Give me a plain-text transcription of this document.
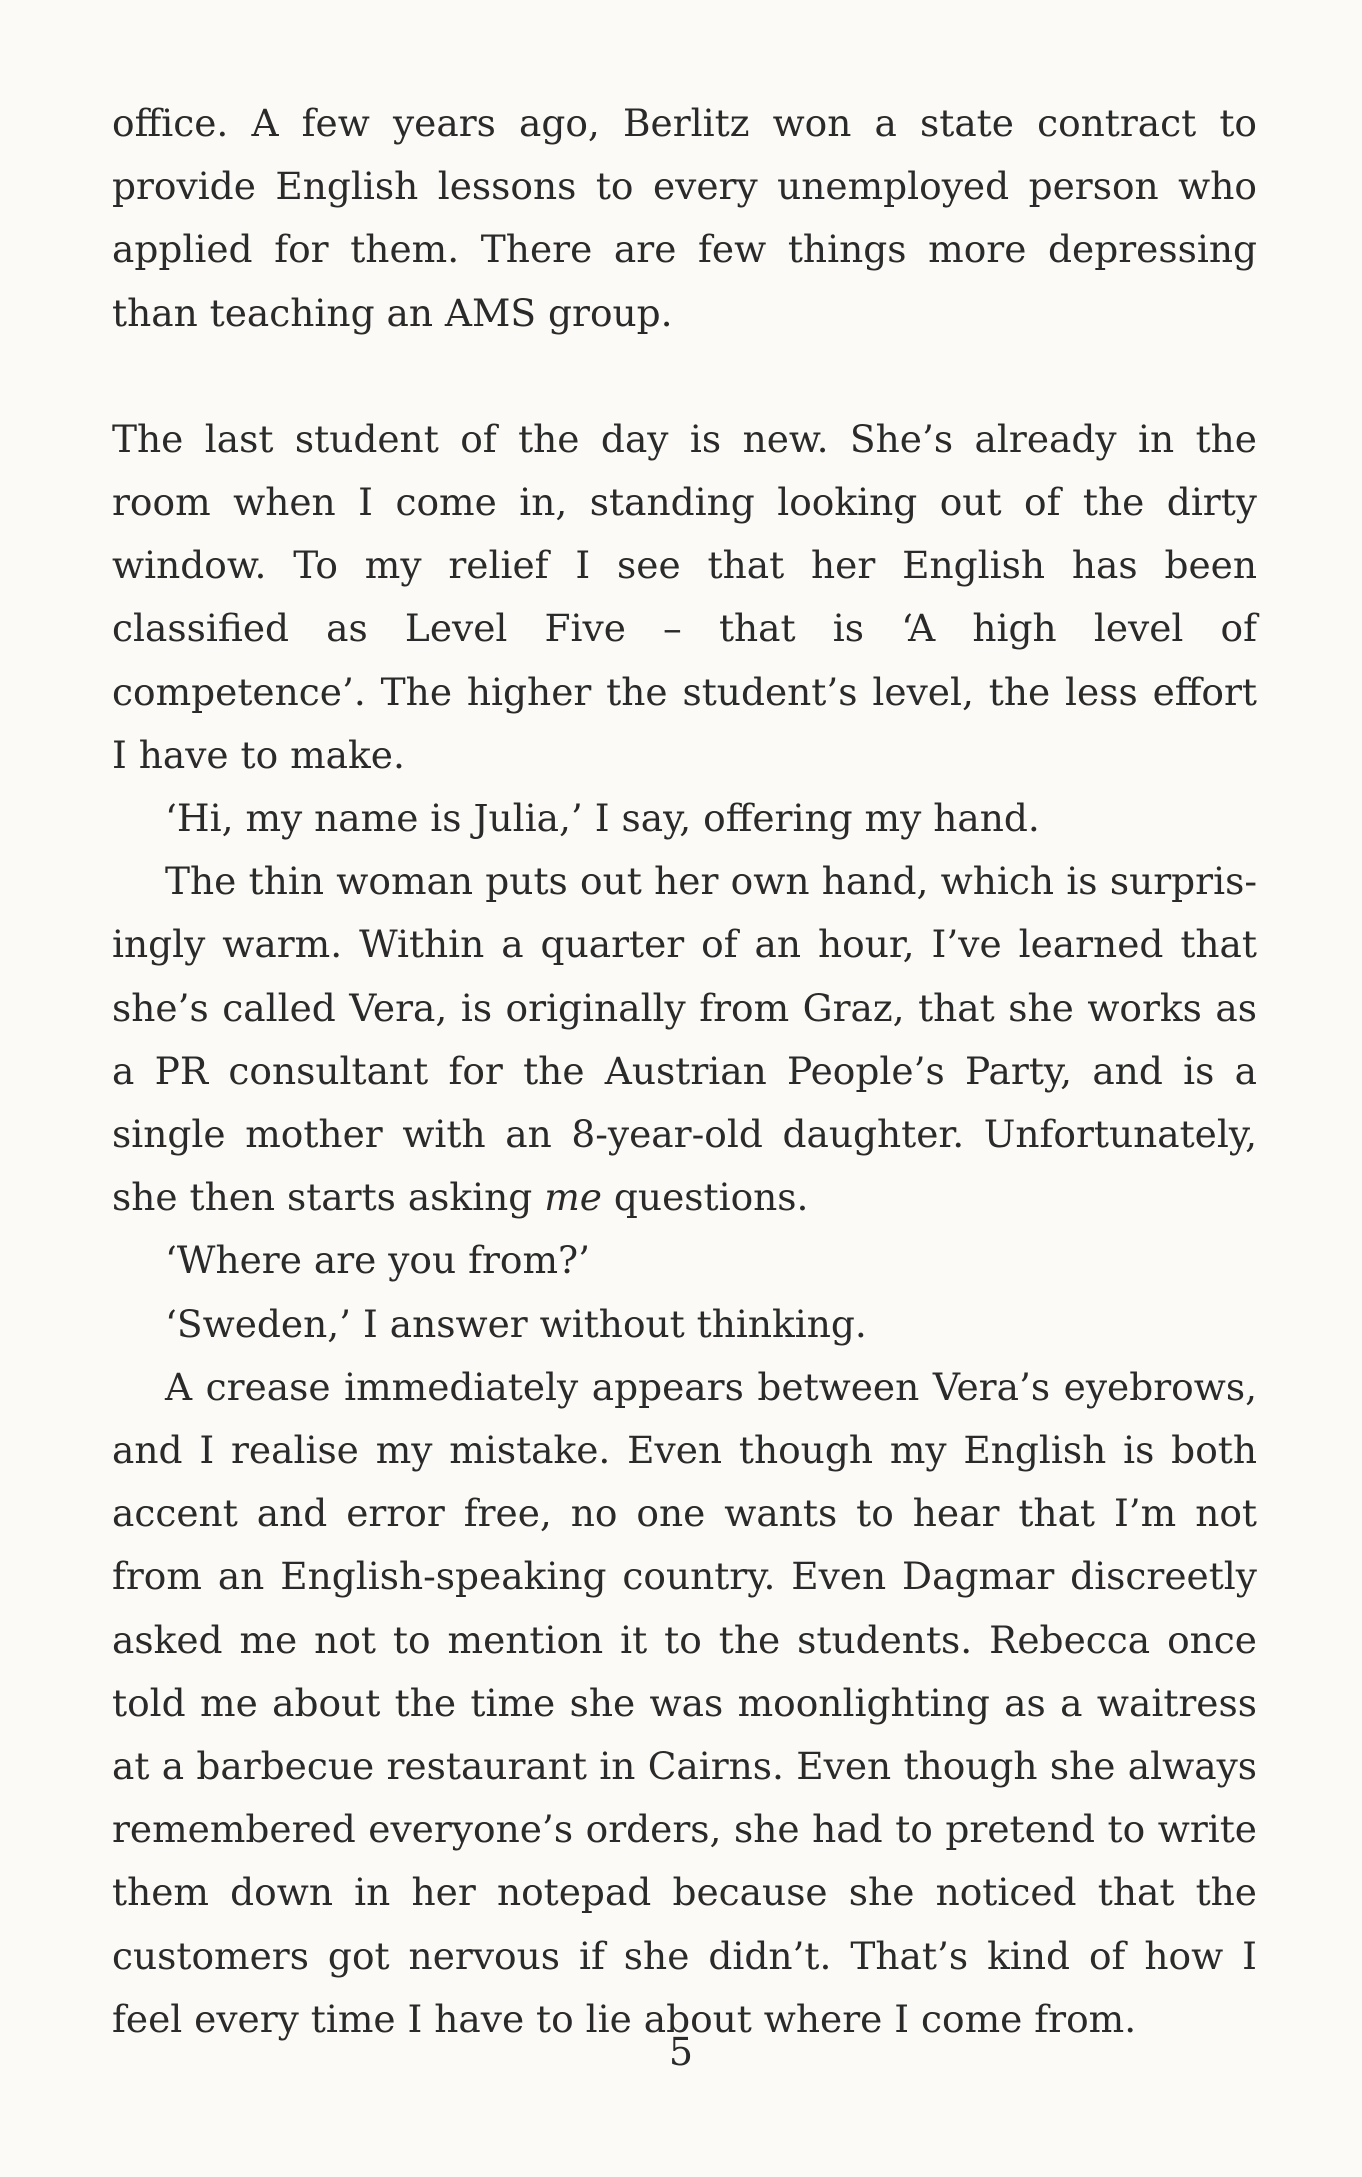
office. A few years ago, Berlitz won a state contract to provide English lessons to every unemployed person who applied for them. There are few things more depressing than teaching an AMS group.

The last student of the day is new. She’s already in the room when I come in, standing looking out of the dirty window. To my relief I see that her English has been classified as Level Five – that is ‘A high level of competence’. The higher the student’s level, the less effort I have to make.

‘Hi, my name is Julia,’ I say, offering my hand.

The thin woman puts out her own hand, which is surprisingly warm. Within a quarter of an hour, I’ve learned that she’s called Vera, is originally from Graz, that she works as a PR consultant for the Austrian People’s Party, and is a single mother with an 8-year-old daughter. Unfortunately, she then starts asking me questions.

‘Where are you from?’

‘Sweden,’ I answer without thinking.

A crease immediately appears between Vera’s eyebrows, and I realise my mistake. Even though my English is both accent and error free, no one wants to hear that I’m not from an English-speaking country. Even Dagmar discreetly asked me not to mention it to the students. Rebecca once told me about the time she was moonlighting as a waitress at a barbecue restaurant in Cairns. Even though she always remembered everyone’s orders, she had to pretend to write them down in her notepad because she noticed that the customers got nervous if she didn’t. That’s kind of how I feel every time I have to lie about where I come from.

5
